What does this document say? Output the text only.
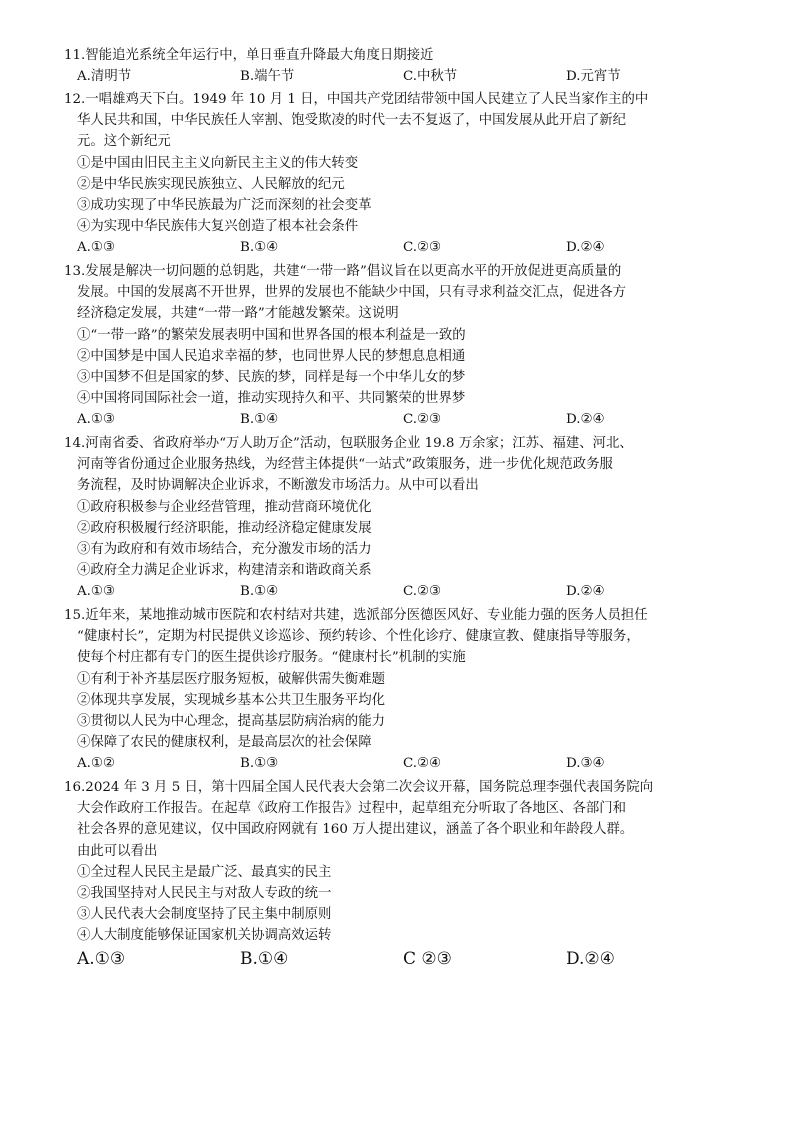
11.智能追光系统全年运行中，单日垂直升降最大角度日期接近
A.清明节	B.端午节	C.中秋节	D.元宵节
12.一唱雄鸡天下白。1949 年 10 月 1 日，中国共产党团结带领中国人民建立了人民当家作主的中
华人民共和国，中华民族任人宰割、饱受欺凌的时代一去不复返了，中国发展从此开启了新纪
元。这个新纪元
①是中国由旧民主主义向新民主主义的伟大转变
②是中华民族实现民族独立、人民解放的纪元
③成功实现了中华民族最为广泛而深刻的社会变革
④为实现中华民族伟大复兴创造了根本社会条件
A.①③	B.①④	C.②③	D.②④
13.发展是解决一切问题的总钥匙，共建“一带一路”倡议旨在以更高水平的开放促进更高质量的
发展。中国的发展离不开世界，世界的发展也不能缺少中国，只有寻求利益交汇点，促进各方
经济稳定发展，共建“一带一路”才能越发繁荣。这说明
①“一带一路”的繁荣发展表明中国和世界各国的根本利益是一致的
②中国梦是中国人民追求幸福的梦，也同世界人民的梦想息息相通
③中国梦不但是国家的梦、民族的梦，同样是每一个中华儿女的梦
④中国将同国际社会一道，推动实现持久和平、共同繁荣的世界梦
A.①③	B.①④	C.②③	D.②④
14.河南省委、省政府举办“万人助万企”活动，包联服务企业 19.8 万余家；江苏、福建、河北、
河南等省份通过企业服务热线，为经营主体提供“一站式”政策服务，进一步优化规范政务服
务流程，及时协调解决企业诉求，不断激发市场活力。从中可以看出
①政府积极参与企业经营管理，推动营商环境优化
②政府积极履行经济职能，推动经济稳定健康发展
③有为政府和有效市场结合，充分激发市场的活力
④政府全力满足企业诉求，构建清亲和谐政商关系
A.①③	B.①④	C.②③	D.②④
15.近年来，某地推动城市医院和农村结对共建，选派部分医德医风好、专业能力强的医务人员担任
“健康村长”，定期为村民提供义诊巡诊、预约转诊、个性化诊疗、健康宣教、健康指导等服务，
使每个村庄都有专门的医生提供诊疗服务。“健康村长”机制的实施
①有利于补齐基层医疗服务短板，破解供需失衡难题
②体现共享发展，实现城乡基本公共卫生服务平均化
③贯彻以人民为中心理念，提高基层防病治病的能力
④保障了农民的健康权利，是最高层次的社会保障
A.①②	B.①③	C.②④	D.③④
16.2024 年 3 月 5 日，第十四届全国人民代表大会第二次会议开幕，国务院总理李强代表国务院向
大会作政府工作报告。在起草《政府工作报告》过程中，起草组充分听取了各地区、各部门和
社会各界的意见建议，仅中国政府网就有 160 万人提出建议，涵盖了各个职业和年龄段人群。
由此可以看出
①全过程人民民主是最广泛、最真实的民主
②我国坚持对人民民主与对敌人专政的统一
③人民代表大会制度坚持了民主集中制原则
④人大制度能够保证国家机关协调高效运转
A.①③	B.①④	C ②③	D.②④
